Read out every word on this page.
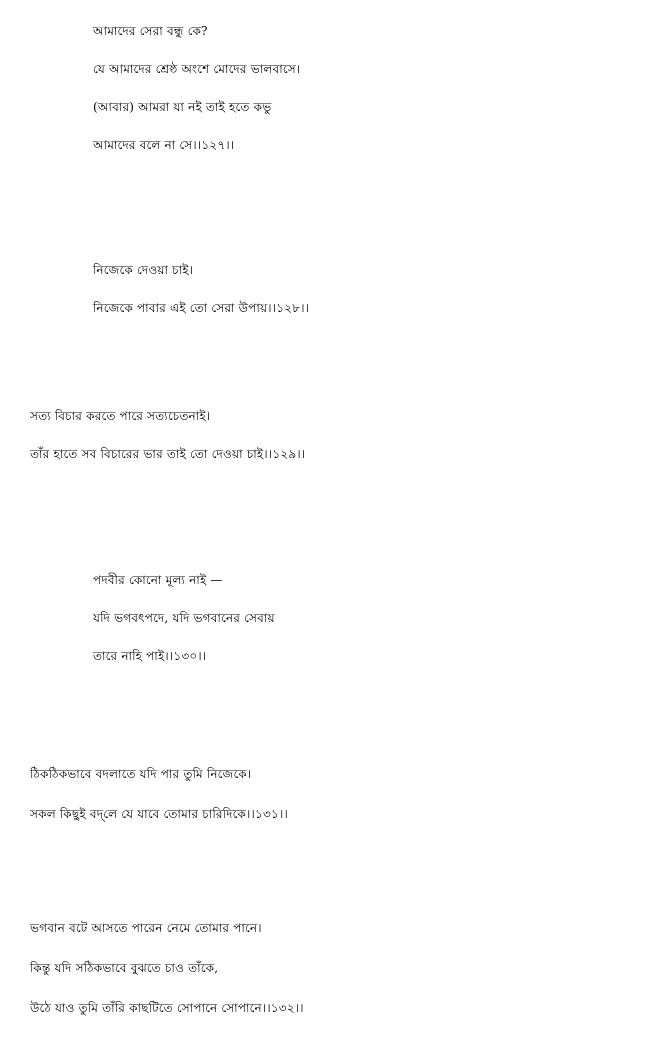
আমাদের সেরা বন্ধু কে?
যে আমাদের শ্রেষ্ঠ অংশে মোদের ভালবাসে।
(আবার) আমরা যা নই তাই হতে কভু
আমাদের বলে না সে।।১২৭।।
নিজেকে দেওয়া চাই।
নিজেকে পাবার এই তো সেরা উপায়।।১২৮।।
সত্য বিচার করতে পারে সত্যচেতনাই।
তাঁর হাতে সব বিচারের ভার তাই তো দেওয়া চাই।।১২৯।।
পদবীর কোনো মূল্য নাই —
যদি ভগবৎপদে, যদি ভগবানের সেবায়
তারে নাহি পাই।।১৩০।।
ঠিকঠিকভাবে বদলাতে যদি পার তুমি নিজেকে।
সকল কিছুই বদ্‌লে যে যাবে তোমার চারিদিকে।।১৩১।।
ভগবান বটে আসতে পারেন নেমে তোমার পানে।
কিন্তু যদি সঠিকভাবে বুঝতে চাও তাঁকে,
উঠে যাও তুমি তাঁরি কাছটিতে সোপানে সোপানে।।১৩২।।
